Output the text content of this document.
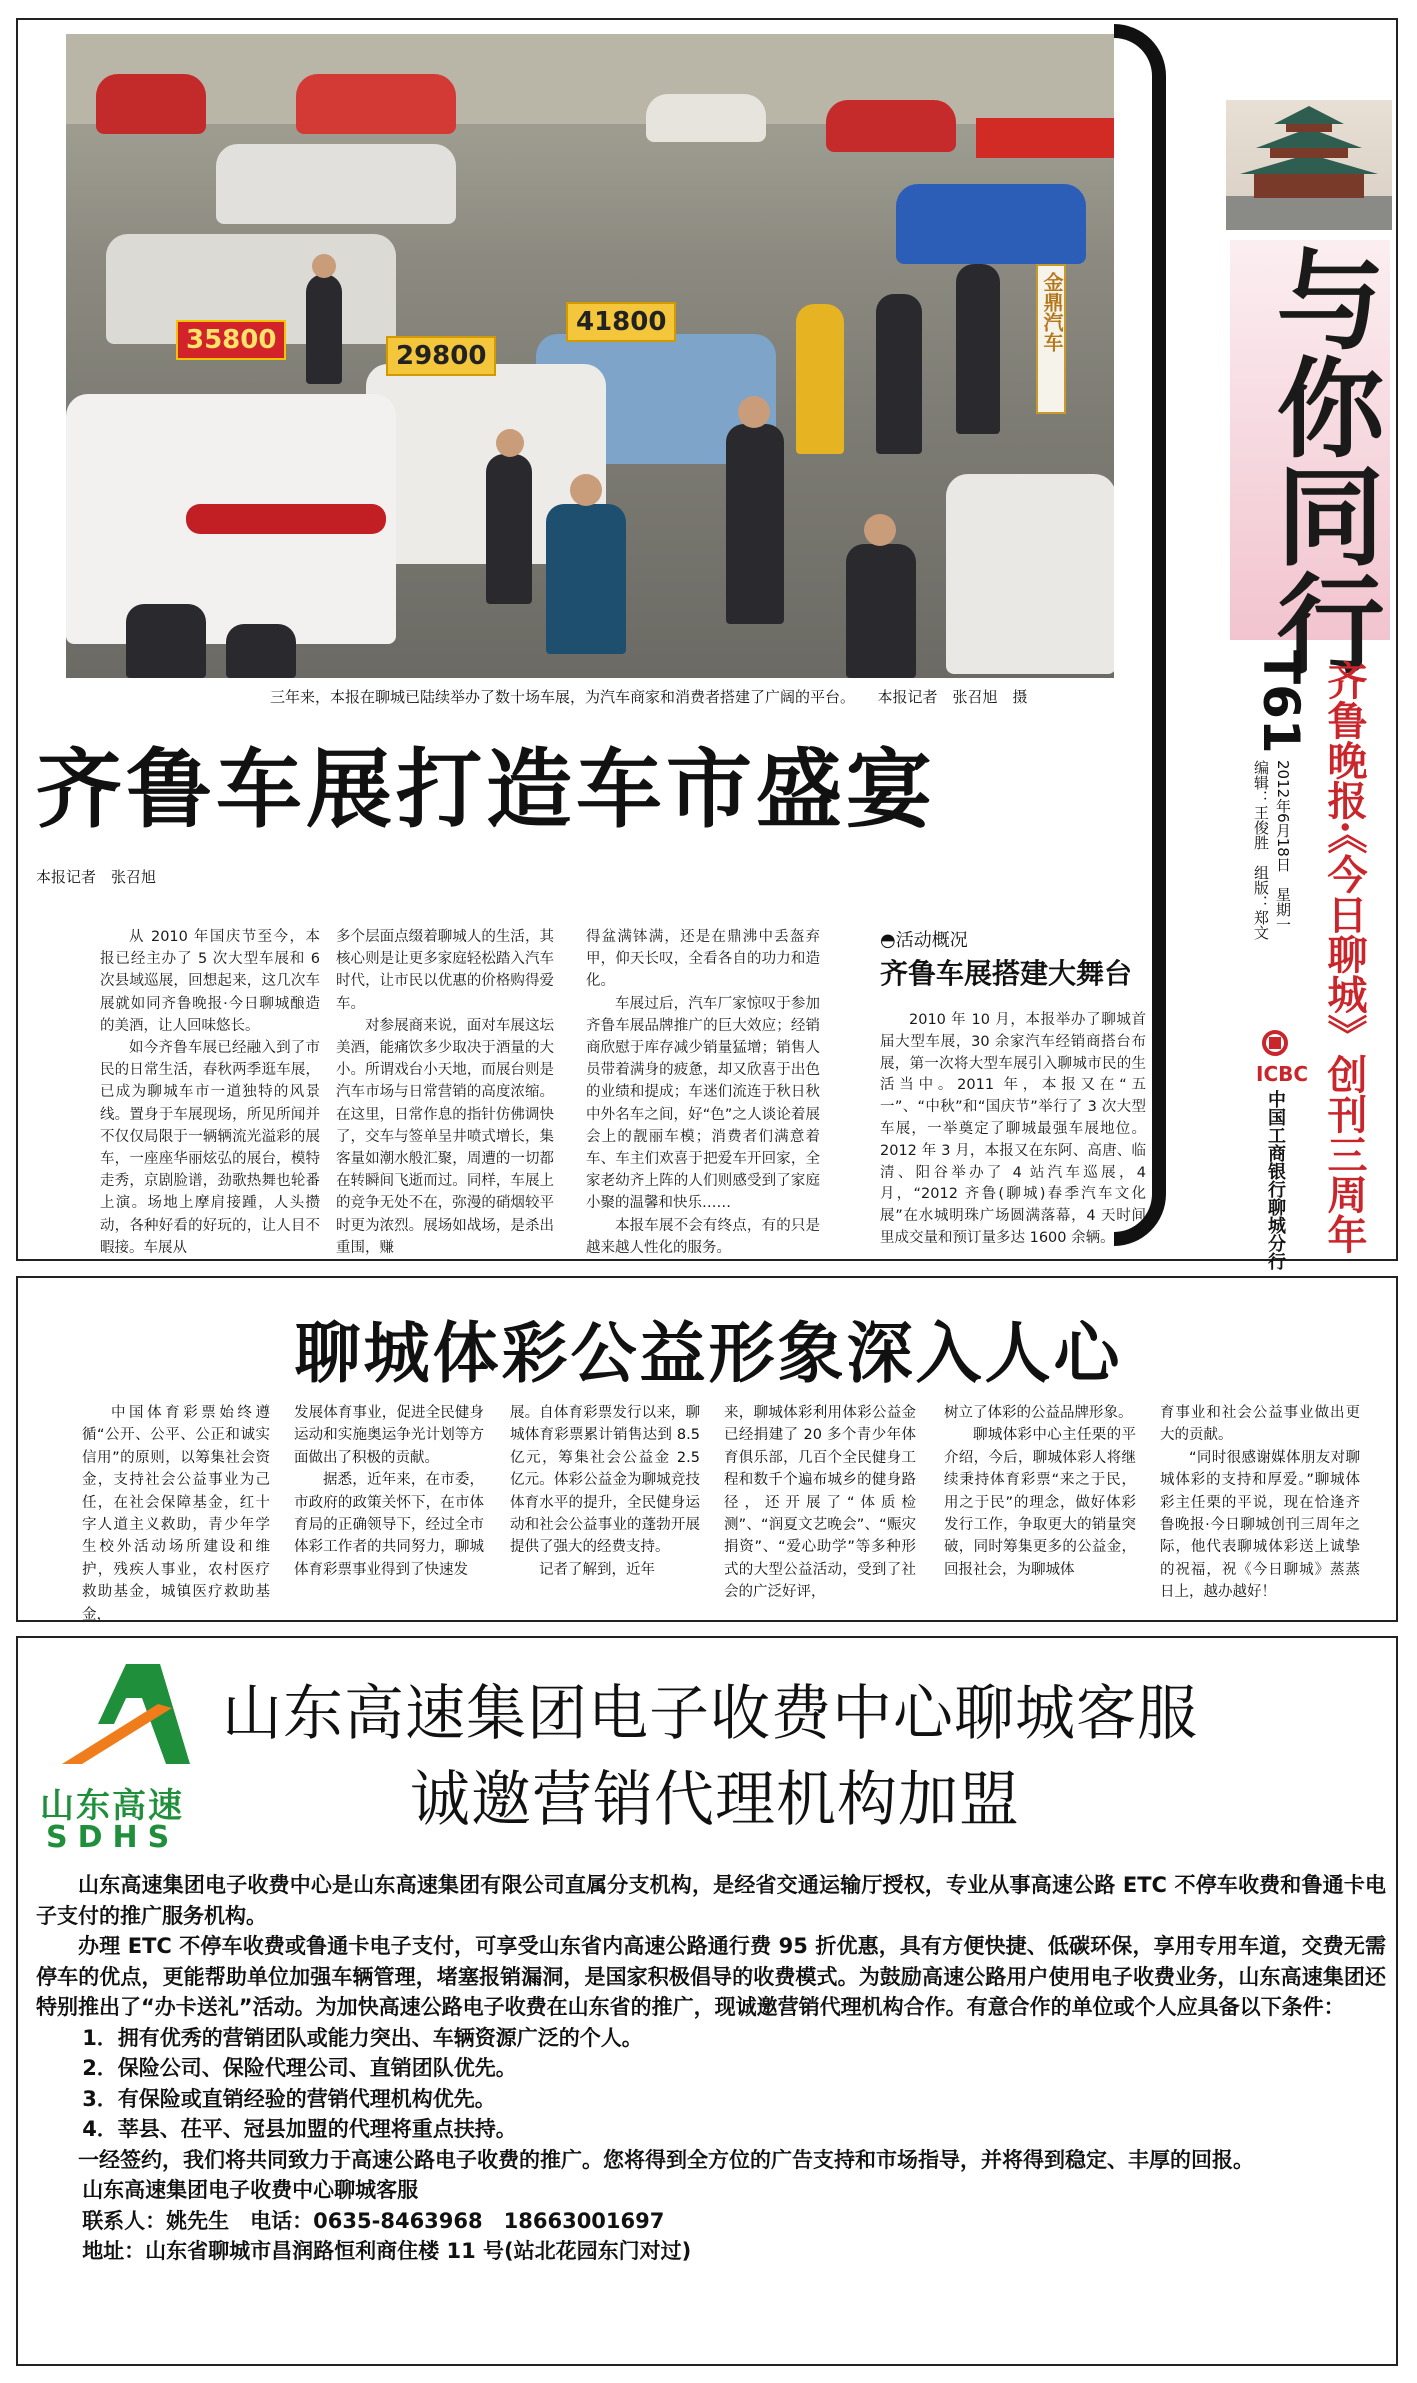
35800
29800
41800	金鼎汽车
三年来，本报在聊城已陆续举办了数十场车展，为汽车商家和消费者搭建了广阔的平台。　　本报记者　张召旭　摄
齐鲁车展打造车市盛宴
本报记者　张召旭

从 2010 年国庆节至今，本报已经主办了 5 次大型车展和 6 次县域巡展，回想起来，这几次车展就如同齐鲁晚报·今日聊城酿造的美酒，让人回味悠长。

如今齐鲁车展已经融入到了市民的日常生活，春秋两季逛车展，已成为聊城车市一道独特的风景线。置身于车展现场，所见所闻并不仅仅局限于一辆辆流光溢彩的展车，一座座华丽炫弘的展台，模特走秀，京剧脸谱，劲歌热舞也轮番上演。场地上摩肩接踵，人头攒动，各种好看的好玩的，让人目不暇接。车展从

多个层面点缀着聊城人的生活，其核心则是让更多家庭轻松踏入汽车时代，让市民以优惠的价格购得爱车。

对参展商来说，面对车展这坛美酒，能痛饮多少取决于酒量的大小。所谓戏台小天地，而展台则是汽车市场与日常营销的高度浓缩。在这里，日常作息的指针仿佛调快了，交车与签单呈井喷式增长，集客量如潮水般汇聚，周遭的一切都在转瞬间飞逝而过。同样，车展上的竞争无处不在，弥漫的硝烟较平时更为浓烈。展场如战场，是杀出重围，赚

得盆满钵满，还是在鼎沸中丢盔弃甲，仰天长叹，全看各自的功力和造化。

车展过后，汽车厂家惊叹于参加齐鲁车展品牌推广的巨大效应；经销商欣慰于库存减少销量猛增；销售人员带着满身的疲惫，却又欣喜于出色的业绩和提成；车迷们流连于秋日秋中外名车之间，好“色”之人谈论着展会上的靓丽车模；消费者们满意着车、车主们欢喜于把爱车开回家，全家老幼齐上阵的人们则感受到了家庭小聚的温馨和快乐……

本报车展不会有终点，有的只是越来越人性化的服务。

◓活动概况
齐鲁车展搭建大舞台

2010 年 10 月，本报举办了聊城首届大型车展，30 余家汽车经销商搭台布展，第一次将大型车展引入聊城市民的生活当中。2011 年，本报又在“五一”、“中秋”和“国庆节”举行了 3 次大型车展，一举奠定了聊城最强车展地位。2012 年 3 月，本报又在东阿、高唐、临清、阳谷举办了 4 站汽车巡展，4 月，“2012 齐鲁(聊城)春季汽车文化展”在水城明珠广场圆满落幕，4 天时间里成交量和预订量多达 1600 余辆。

与你同行
T61
2012年6月18日　星期一
编辑：王俊胜　组版：郑文 齐鲁晚报·《今日聊城》创刊三周年
ICBC
中国工商银行聊城分行
聊城体彩公益形象深入人心

中国体育彩票始终遵循“公开、公平、公正和诚实信用”的原则，以筹集社会资金，支持社会公益事业为己任，在社会保障基金，红十字人道主义救助，青少年学生校外活动场所建设和维护，残疾人事业，农村医疗救助基金，城镇医疗救助基金，

发展体育事业，促进全民健身运动和实施奥运争光计划等方面做出了积极的贡献。

据悉，近年来，在市委，市政府的政策关怀下，在市体育局的正确领导下，经过全市体彩工作者的共同努力，聊城体育彩票事业得到了快速发

展。自体育彩票发行以来，聊城体育彩票累计销售达到 8.5 亿元，筹集社会公益金 2.5 亿元。体彩公益金为聊城竞技体育水平的提升，全民健身运动和社会公益事业的蓬勃开展提供了强大的经费支持。

记者了解到，近年

来，聊城体彩利用体彩公益金已经捐建了 20 多个青少年体育俱乐部，几百个全民健身工程和数千个遍布城乡的健身路径，还开展了“体质检测”、“润夏文艺晚会”、“赈灾捐资”、“爱心助学”等多种形式的大型公益活动，受到了社会的广泛好评，

树立了体彩的公益品牌形象。

聊城体彩中心主任栗的平介绍，今后，聊城体彩人将继续秉持体育彩票“来之于民，用之于民”的理念，做好体彩发行工作，争取更大的销量突破，同时筹集更多的公益金，回报社会，为聊城体

育事业和社会公益事业做出更大的贡献。

“同时很感谢媒体朋友对聊城体彩的支持和厚爱。”聊城体彩主任栗的平说，现在恰逢齐鲁晚报·今日聊城创刊三周年之际，他代表聊城体彩送上诚挚的祝福，祝《今日聊城》蒸蒸日上，越办越好！

山东高速
SDHS
山东高速集团电子收费中心聊城客服
诚邀营销代理机构加盟

山东高速集团电子收费中心是山东高速集团有限公司直属分支机构，是经省交通运输厅授权，专业从事高速公路 ETC 不停车收费和鲁通卡电子支付的推广服务机构。

办理 ETC 不停车收费或鲁通卡电子支付，可享受山东省内高速公路通行费 95 折优惠，具有方便快捷、低碳环保，享用专用车道，交费无需停车的优点，更能帮助单位加强车辆管理，堵塞报销漏洞，是国家积极倡导的收费模式。为鼓励高速公路用户使用电子收费业务，山东高速集团还特别推出了“办卡送礼”活动。为加快高速公路电子收费在山东省的推广，现诚邀营销代理机构合作。有意合作的单位或个人应具备以下条件：

1．拥有优秀的营销团队或能力突出、车辆资源广泛的个人。

2．保险公司、保险代理公司、直销团队优先。

3．有保险或直销经验的营销代理机构优先。

4．莘县、茌平、冠县加盟的代理将重点扶持。

一经签约，我们将共同致力于高速公路电子收费的推广。您将得到全方位的广告支持和市场指导，并将得到稳定、丰厚的回报。

山东高速集团电子收费中心聊城客服

联系人：姚先生　电话：0635-8463968　18663001697

地址：山东省聊城市昌润路恒利商住楼 11 号(站北花园东门对过)
